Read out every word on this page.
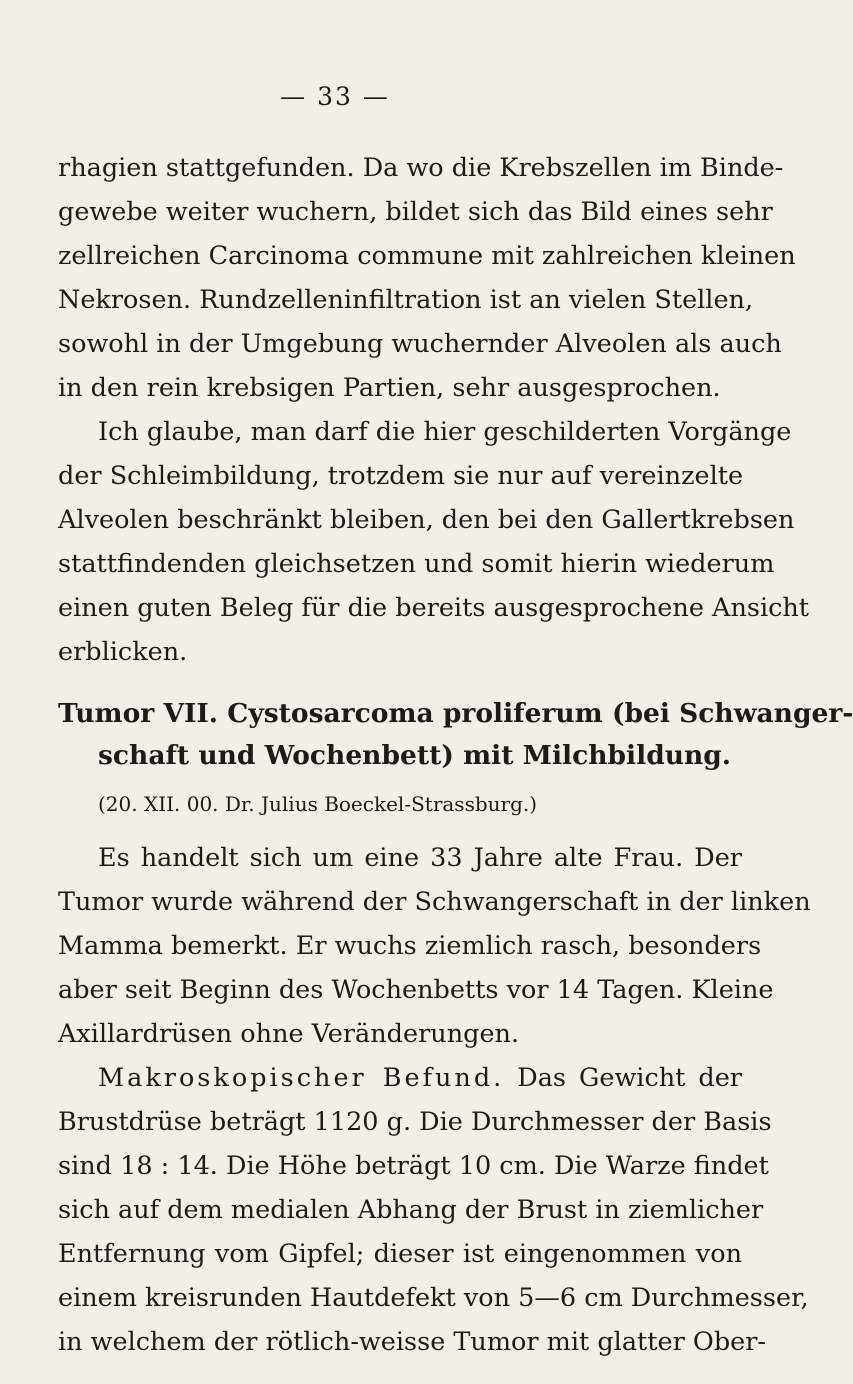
— 33 —
rhagien stattgefunden. Da wo die Krebszellen im Binde-
gewebe weiter wuchern, bildet sich das Bild eines sehr
zellreichen Carcinoma commune mit zahlreichen kleinen
Nekrosen. Rundzelleninfiltration ist an vielen Stellen,
sowohl in der Umgebung wuchernder Alveolen als auch
in den rein krebsigen Partien, sehr ausgesprochen.
Ich glaube, man darf die hier geschilderten Vorgänge
der Schleimbildung, trotzdem sie nur auf vereinzelte
Alveolen beschränkt bleiben, den bei den Gallertkrebsen
stattfindenden gleichsetzen und somit hierin wiederum
einen guten Beleg für die bereits ausgesprochene Ansicht
erblicken.
Tumor VII. Cystosarcoma proliferum (bei Schwanger-
schaft und Wochenbett) mit Milchbildung.
(20. XII. 00. Dr. Julius Boeckel-Strassburg.)
Es handelt sich um eine 33 Jahre alte Frau. Der
Tumor wurde während der Schwangerschaft in der linken
Mamma bemerkt. Er wuchs ziemlich rasch, besonders
aber seit Beginn des Wochenbetts vor 14 Tagen. Kleine
Axillardrüsen ohne Veränderungen.
Makroskopischer Befund. Das Gewicht der
Brustdrüse beträgt 1120 g. Die Durchmesser der Basis
sind 18 : 14. Die Höhe beträgt 10 cm. Die Warze findet
sich auf dem medialen Abhang der Brust in ziemlicher
Entfernung vom Gipfel; dieser ist eingenommen von
einem kreisrunden Hautdefekt von 5—6 cm Durchmesser,
in welchem der rötlich-weisse Tumor mit glatter Ober-
